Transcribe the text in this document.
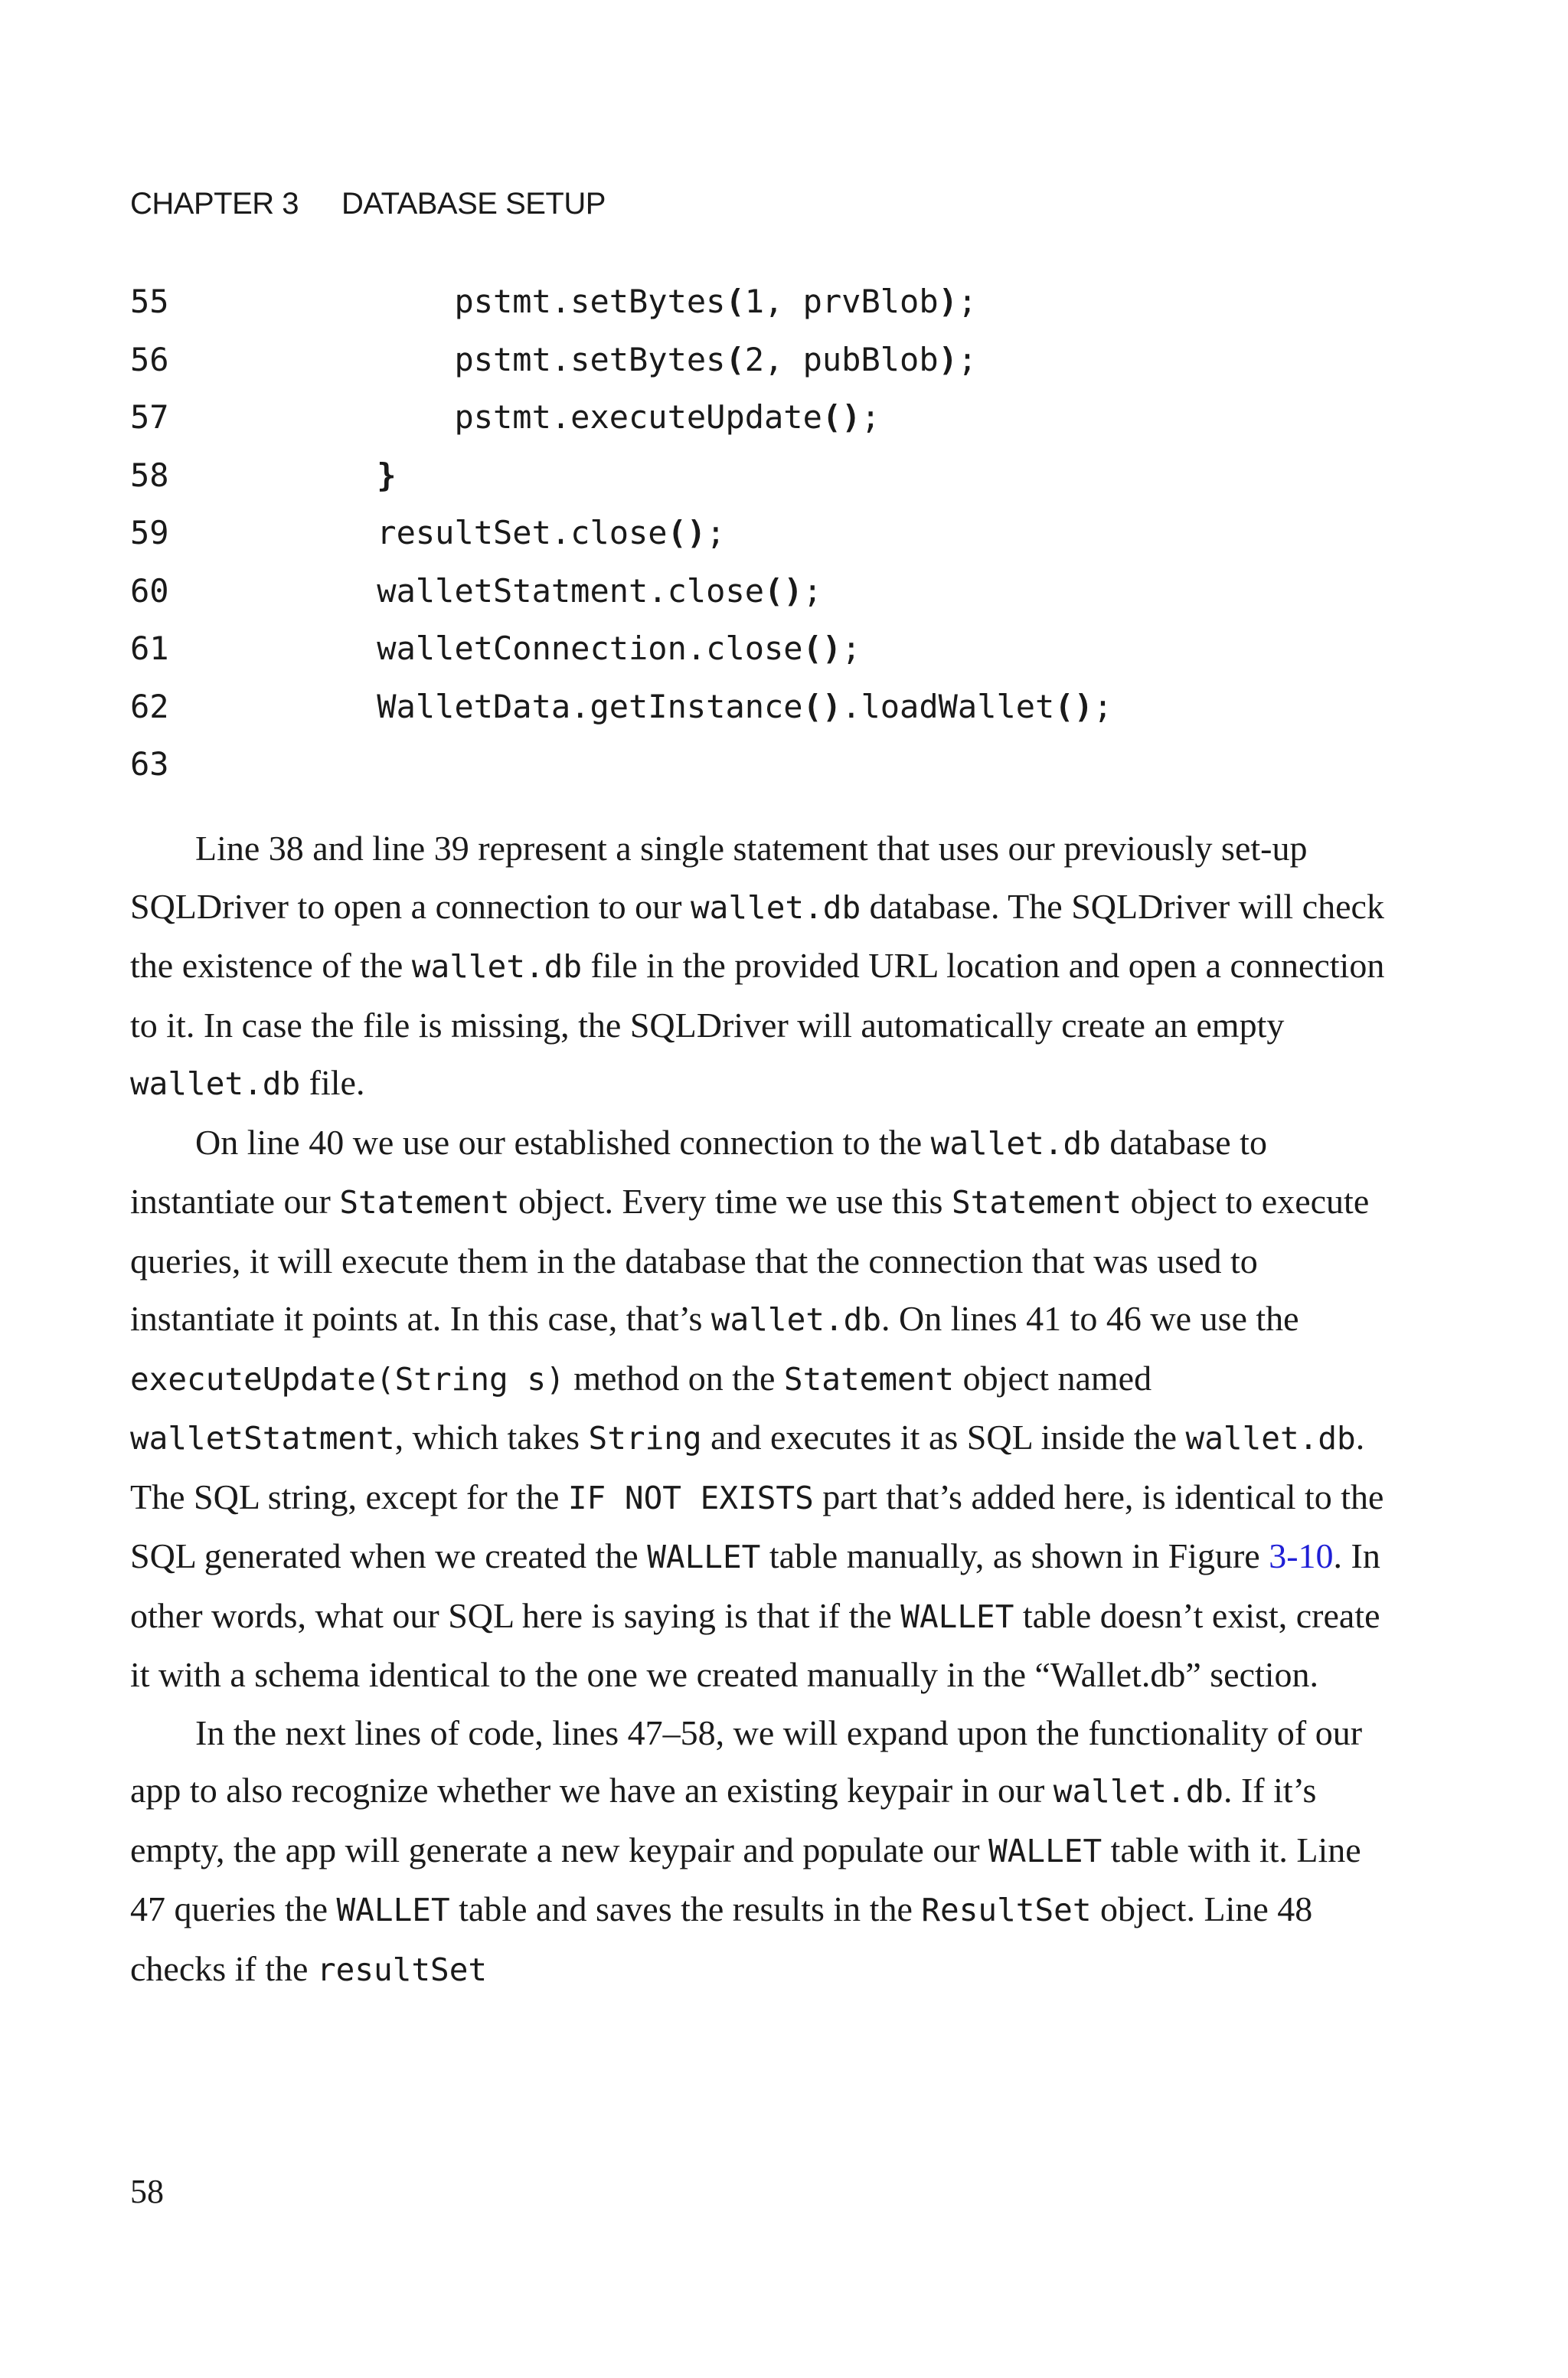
CHAPTER 3 DATABASE SETUP
55	pstmt.setBytes(1, prvBlob);
56	pstmt.setBytes(2, pubBlob);
57	pstmt.executeUpdate();
58	}
59	resultSet.close();
60	walletStatment.close();
61	walletConnection.close();
62	WalletData.getInstance().loadWallet();
63

Line 38 and line 39 represent a single statement that uses our previously set-up SQLDriver to open a connection to our wallet.db database. The SQLDriver will check the existence of the wallet.db file in the provided URL location and open a connection to it. In case the file is missing, the SQLDriver will automatically create an empty wallet.db file.

On line 40 we use our established connection to the wallet.db database to instantiate our Statement object. Every time we use this Statement object to execute queries, it will execute them in the database that the connection that was used to instantiate it points at. In this case, that’s wallet.db. On lines 41 to 46 we use the executeUpdate(String s) method on the Statement object named walletStatment, which takes String and executes it as SQL inside the wallet.db. The SQL string, except for the IF NOT EXISTS part that’s added here, is identical to the SQL generated when we created the WALLET table manually, as shown in Figure 3-10. In other words, what our SQL here is saying is that if the WALLET table doesn’t exist, create it with a schema identical to the one we created manually in the “Wallet.db” section.

In the next lines of code, lines 47–58, we will expand upon the functionality of our app to also recognize whether we have an existing keypair in our wallet.db. If it’s empty, the app will generate a new keypair and populate our WALLET table with it. Line 47 queries the WALLET table and saves the results in the ResultSet object. Line 48 checks if the resultSet

58
